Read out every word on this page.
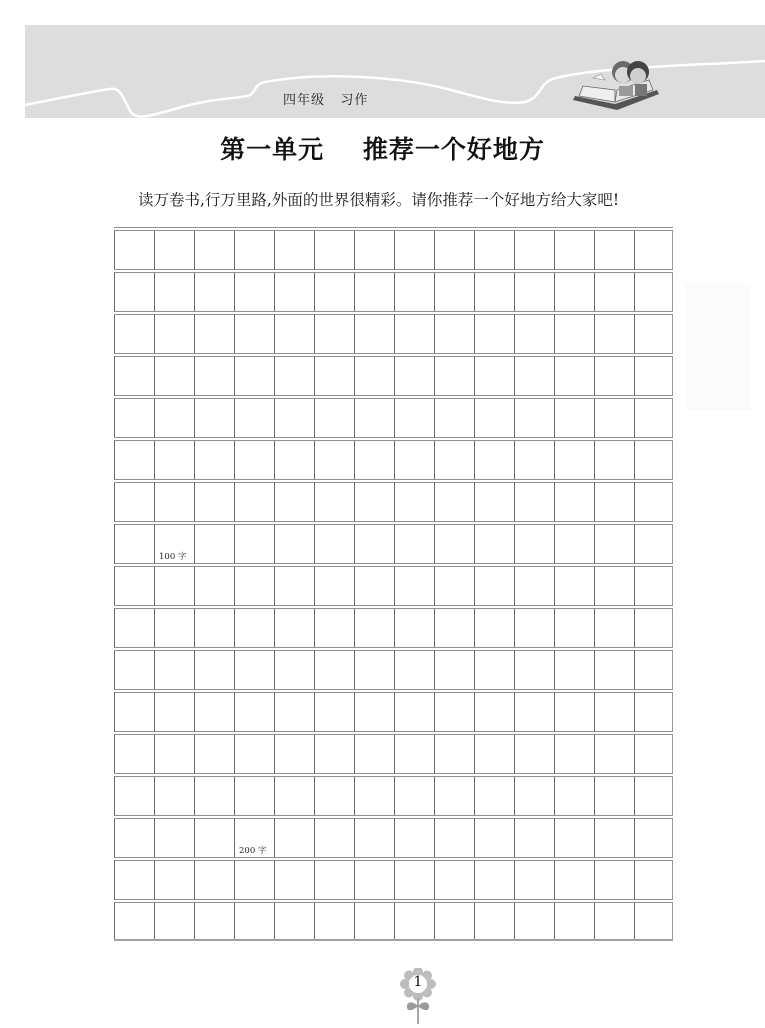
四年级   习作
第一单元    推荐一个好地方
读万卷书,行万里路,外面的世界很精彩。请你推荐一个好地方给大家吧!
100 字
200 字
1
